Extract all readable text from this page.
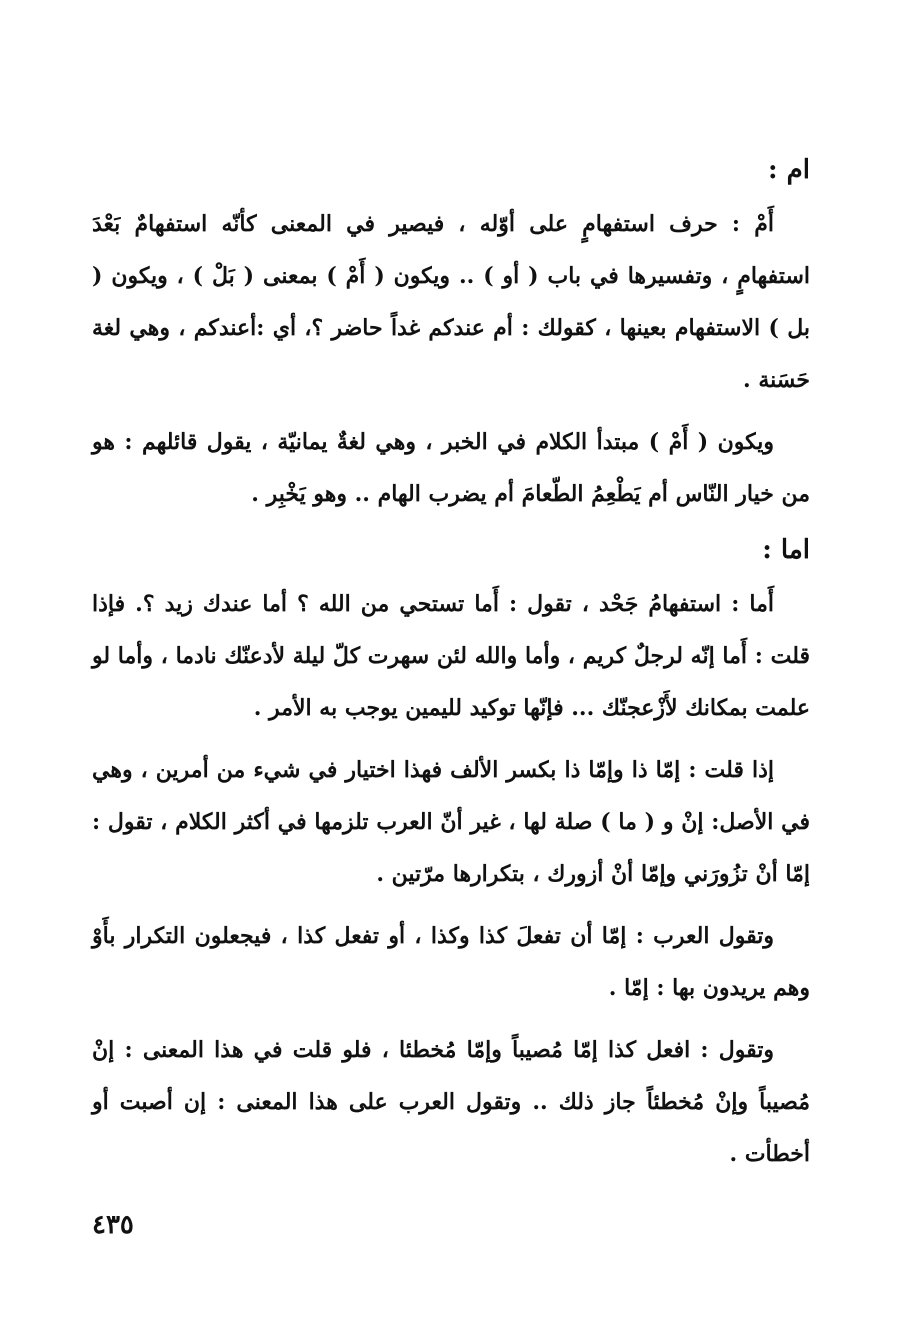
ام :

أَمْ : حرف استفهامٍ على أوّله ، فيصير في المعنى كأنّه استفهامٌ بَعْدَ استفهامٍ ، وتفسيرها في باب ( أو ) .. ويكون ( أَمْ ) بمعنى ( بَلْ ) ، ويكون ( بل ) الاستفهام بعينها ، كقولك : أم عندكم غداً حاضر ؟، أي :أعندكم ، وهي لغة حَسَنة .

ويكون ( أَمْ ) مبتدأ الكلام في الخبر ، وهي لغةٌ يمانيّة ، يقول قائلهم : هو من خيار النّاس أم يَطْعِمُ الطّعامَ أم يضرب الهام .. وهو يَخْبِر .

اما :

أَما : استفهامُ جَحْد ، تقول : أَما تستحي من الله ؟ أما عندك زيد ؟. فإذا قلت : أَما إنّه لرجلٌ كريم ، وأما والله لئن سهرت كلّ ليلة لأدعنّك نادما ، وأما لو علمت بمكانك لأَزْعجنّك ... فإنّها توكيد لليمين يوجب به الأمر .

إذا قلت : إمّا ذا وإمّا ذا بكسر الألف فهذا اختيار في شيء من أمرين ، وهي في الأصل: إنْ و ( ما ) صلة لها ، غير أنّ العرب تلزمها في أكثر الكلام ، تقول : إمّا أنْ تزُورَني وإمّا أنْ أزورك ، بتكرارها مرّتين .

وتقول العرب : إمّا أن تفعلَ كذا وكذا ، أو تفعل كذا ، فيجعلون التكرار بأَوْ وهم يريدون بها : إمّا .

وتقول : افعل كذا إمّا مُصيباً وإمّا مُخطئا ، فلو قلت في هذا المعنى : إنْ مُصيباً وإنْ مُخطئاً جاز ذلك .. وتقول العرب على هذا المعنى : إن أصبت أو أخطأت .

٤٣٥
